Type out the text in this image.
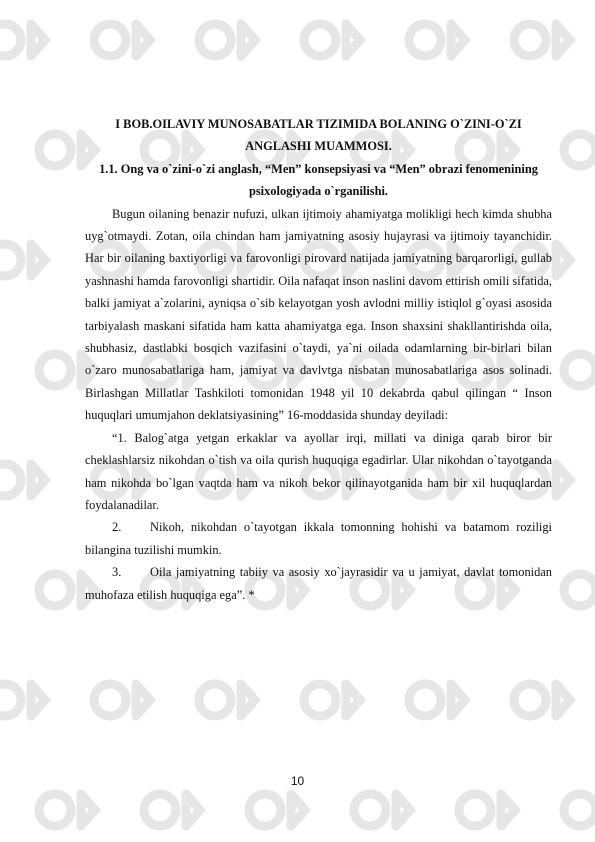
I BOB.OILAVIY MUNOSABATLAR TIZIMIDA BOLANING O`ZINI-O`ZI ANGLASHI MUAMMOSI.
1.1. Ong va o`zini-o`zi anglash, “Men” konsepsiyasi va “Men” obrazi fenomenining psixologiyada o`rganilishi.

Bugun oilaning benazir nufuzi, ulkan ijtimoiy ahamiyatga molikligi hech kimda shubha uyg`otmaydi. Zotan, oila chindan ham jamiyatning asosiy hujayrasi va ijtimoiy tayanchidir. Har bir oilaning baxtiyorligi va farovonligi pirovard natijada jamiyatning barqarorligi, gullab yashnashi hamda farovonligi shartidir. Oila nafaqat inson naslini davom ettirish omili sifatida, balki jamiyat a`zolarini, ayniqsa o`sib kelayotgan yosh avlodni milliy istiqlol g`oyasi asosida tarbiyalash maskani sifatida ham katta ahamiyatga ega. Inson shaxsini shakllantirishda oila, shubhasiz, dastlabki bosqich vazifasini o`taydi, ya`ni oilada odamlarning bir-birlari bilan o`zaro munosabatlariga ham, jamiyat va davlvtga nisbatan munosabatlariga asos solinadi. Birlashgan Millatlar Tashkiloti tomonidan 1948 yil 10 dekabrda qabul qilingan “ Inson huquqlari umumjahon deklatsiyasining” 16-moddasida shunday deyiladi:

“1. Balog`atga yetgan erkaklar va ayollar irqi, millati va diniga qarab biror bir cheklashlarsiz nikohdan o`tish va oila qurish huquqiga egadirlar. Ular nikohdan o`tayotganda ham nikohda bo`lgan vaqtda ham va nikoh bekor qilinayotganida ham bir xil huquqlardan foydalanadilar.

2. Nikoh, nikohdan o`tayotgan ikkala tomonning hohishi va batamom roziligi bilangina tuzilishi mumkin.
3. Oila jamiyatning tabiiy va asosiy xo`jayrasidir va u jamiyat, davlat tomonidan muhofaza etilish huquqiga ega”. *
10
